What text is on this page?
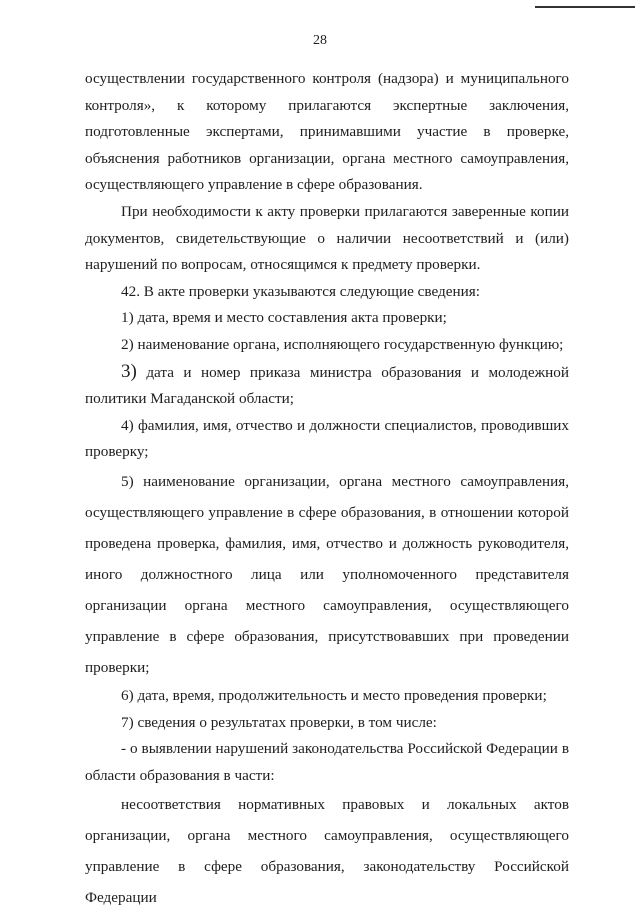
28

осуществлении государственного контроля (надзора) и муниципального контроля», к которому прилагаются экспертные заключения, подготовленные экспертами, принимавшими участие в проверке, объяснения работников организации, органа местного самоуправления, осуществляющего управление в сфере образования.

При необходимости к акту проверки прилагаются заверенные копии документов, свидетельствующие о наличии несоответствий и (или) нарушений по вопросам, относящимся к предмету проверки.

42. В акте проверки указываются следующие сведения:

1) дата, время и место составления акта проверки;

2) наименование органа, исполняющего государственную функцию;

3) дата и номер приказа министра образования и молодежной политики Магаданской области;

4) фамилия, имя, отчество и должности специалистов, проводивших проверку;

5) наименование организации, органа местного самоуправления, осуществляющего управление в сфере образования, в отношении которой проведена проверка, фамилия, имя, отчество и должность руководителя, иного должностного лица или уполномоченного представителя организации органа местного самоуправления, осуществляющего управление в сфере образования, присутствовавших при проведении проверки;

6) дата, время, продолжительность и место проведения проверки;

7) сведения о результатах проверки, в том числе:

- о выявлении нарушений законодательства Российской Федерации в области образования в части:

несоответствия нормативных правовых и локальных актов организации, органа местного самоуправления, осуществляющего управление в сфере образования, законодательству Российской Федерации
